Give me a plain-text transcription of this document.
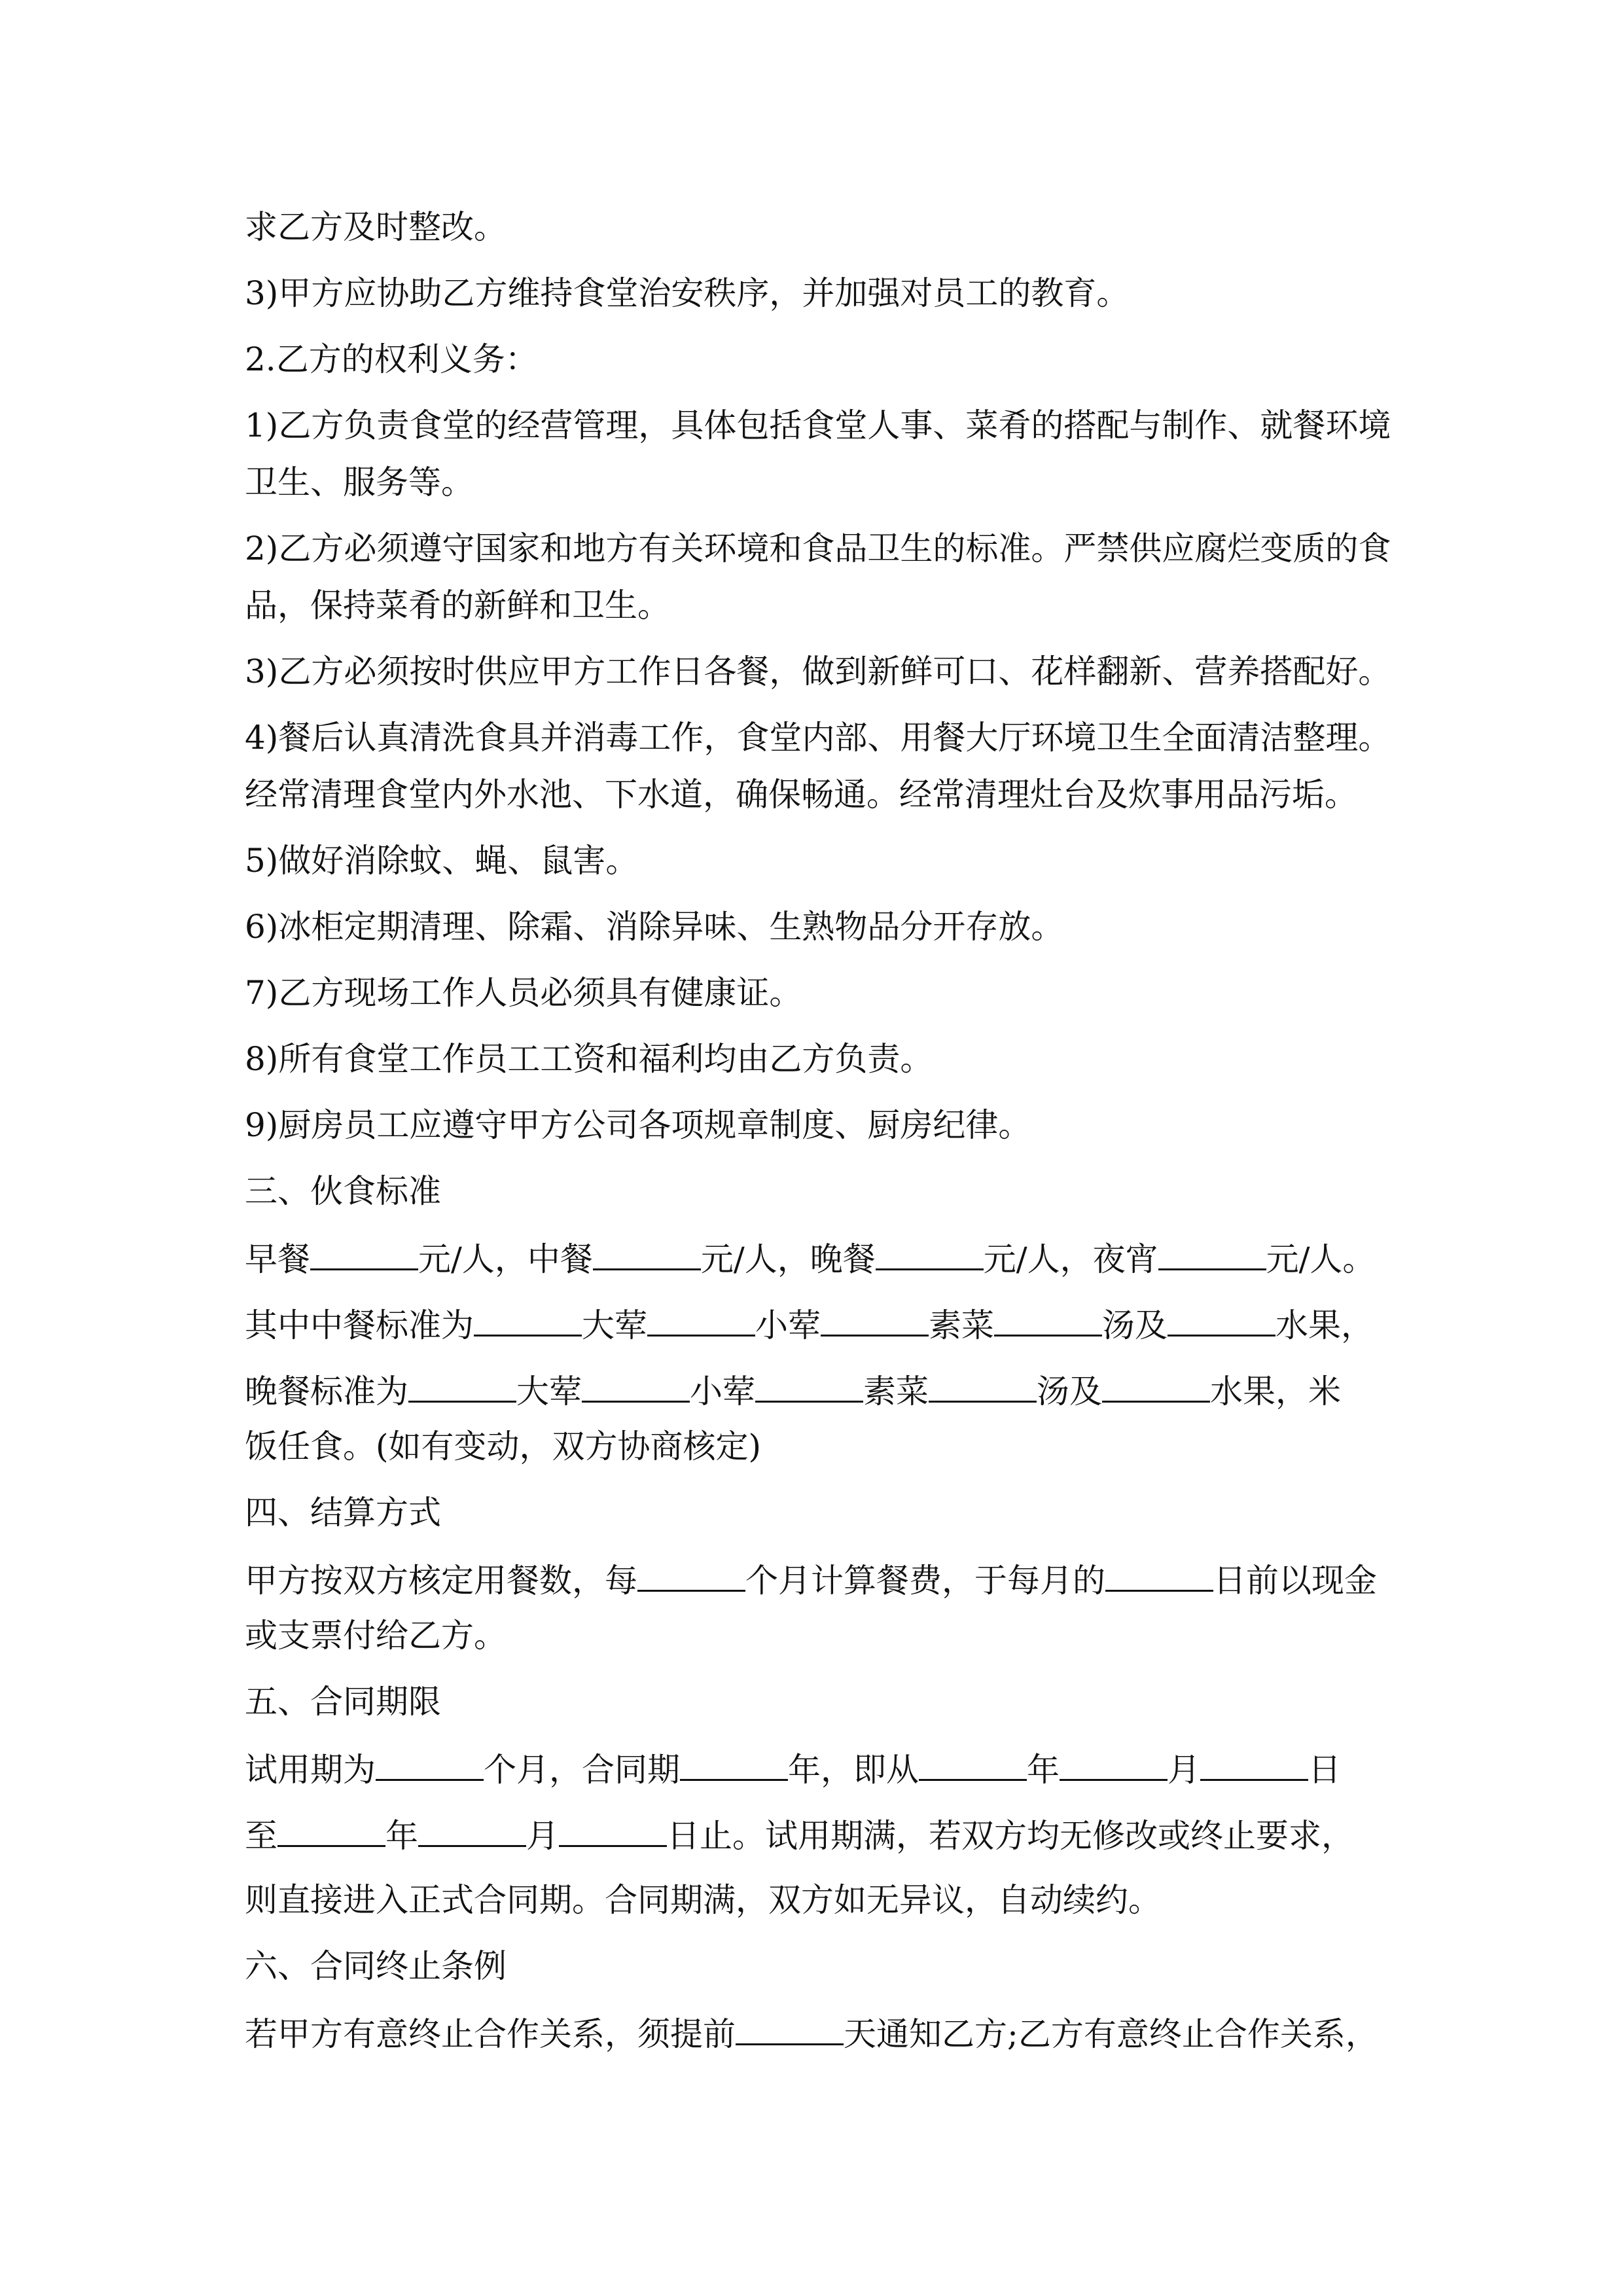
求乙方及时整改。
3)甲方应协助乙方维持食堂治安秩序，并加强对员工的教育。
2.乙方的权利义务：
1)乙方负责食堂的经营管理，具体包括食堂人事、菜肴的搭配与制作、就餐环境
卫生、服务等。
2)乙方必须遵守国家和地方有关环境和食品卫生的标准。严禁供应腐烂变质的食
品，保持菜肴的新鲜和卫生。
3)乙方必须按时供应甲方工作日各餐，做到新鲜可口、花样翻新、营养搭配好。
4)餐后认真清洗食具并消毒工作，食堂内部、用餐大厅环境卫生全面清洁整理。
经常清理食堂内外水池、下水道，确保畅通。经常清理灶台及炊事用品污垢。
5)做好消除蚊、蝇、鼠害。
6)冰柜定期清理、除霜、消除异味、生熟物品分开存放。
7)乙方现场工作人员必须具有健康证。
8)所有食堂工作员工工资和福利均由乙方负责。
9)厨房员工应遵守甲方公司各项规章制度、厨房纪律。
三、伙食标准
早餐	元/人，中餐	元/人，晚餐	元/人，夜宵	元/人。
其中中餐标准为	大荤	小荤	素菜	汤及	水果，
晚餐标准为	大荤	小荤	素菜	汤及	水果，米
饭任食。(如有变动，双方协商核定)
四、结算方式
甲方按双方核定用餐数，每	个月计算餐费，于每月的	日前以现金
或支票付给乙方。
五、合同期限
试用期为	个月，合同期	年，即从	年	月	日
至	年	月	日止。试用期满，若双方均无修改或终止要求，
则直接进入正式合同期。合同期满，双方如无异议，自动续约。
六、合同终止条例
若甲方有意终止合作关系，须提前	天通知乙方;乙方有意终止合作关系，
